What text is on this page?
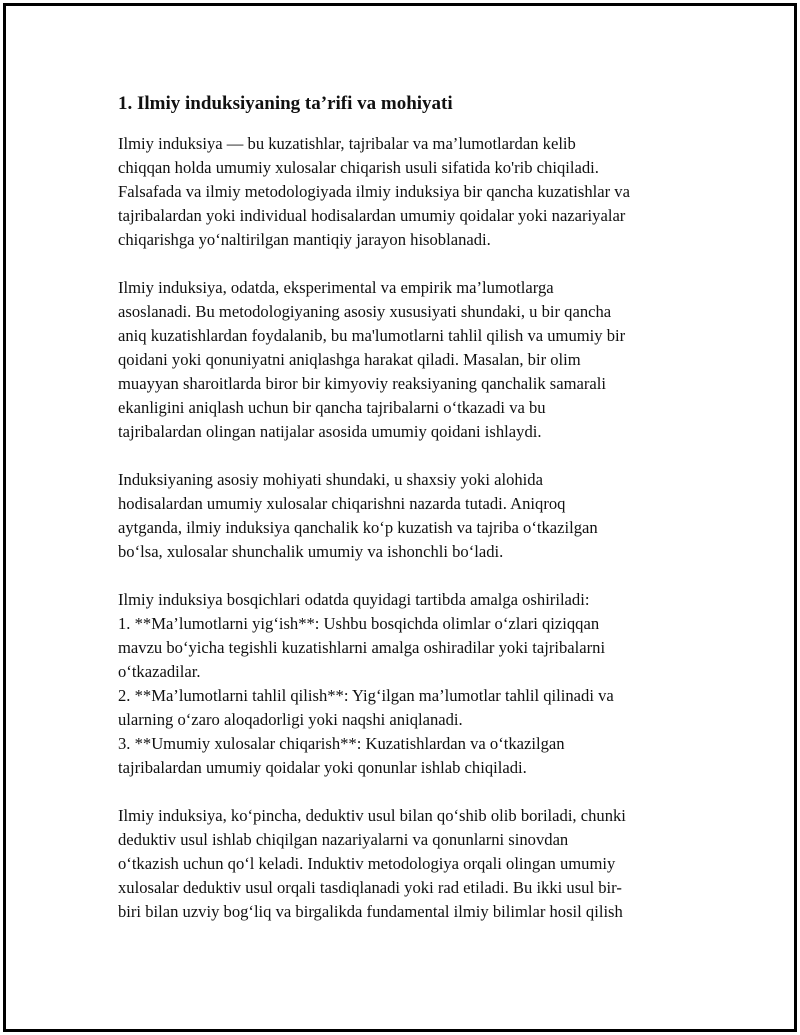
1. Ilmiy induksiyaning ta’rifi va mohiyati
Ilmiy induksiya — bu kuzatishlar, tajribalar va ma’lumotlardan kelib
chiqqan holda umumiy xulosalar chiqarish usuli sifatida ko'rib chiqiladi.
Falsafada va ilmiy metodologiyada ilmiy induksiya bir qancha kuzatishlar va
tajribalardan yoki individual hodisalardan umumiy qoidalar yoki nazariyalar
chiqarishga yoʻnaltirilgan mantiqiy jarayon hisoblanadi.
Ilmiy induksiya, odatda, eksperimental va empirik ma’lumotlarga
asoslanadi. Bu metodologiyaning asosiy xususiyati shundaki, u bir qancha
aniq kuzatishlardan foydalanib, bu ma'lumotlarni tahlil qilish va umumiy bir
qoidani yoki qonuniyatni aniqlashga harakat qiladi. Masalan, bir olim
muayyan sharoitlarda biror bir kimyoviy reaksiyaning qanchalik samarali
ekanligini aniqlash uchun bir qancha tajribalarni oʻtkazadi va bu
tajribalardan olingan natijalar asosida umumiy qoidani ishlaydi.
Induksiyaning asosiy mohiyati shundaki, u shaxsiy yoki alohida
hodisalardan umumiy xulosalar chiqarishni nazarda tutadi. Aniqroq
aytganda, ilmiy induksiya qanchalik koʻp kuzatish va tajriba oʻtkazilgan
boʻlsa, xulosalar shunchalik umumiy va ishonchli boʻladi.
Ilmiy induksiya bosqichlari odatda quyidagi tartibda amalga oshiriladi:
1. **Ma’lumotlarni yigʻish**: Ushbu bosqichda olimlar oʻzlari qiziqqan
mavzu boʻyicha tegishli kuzatishlarni amalga oshiradilar yoki tajribalarni
oʻtkazadilar.
2. **Ma’lumotlarni tahlil qilish**: Yigʻilgan ma’lumotlar tahlil qilinadi va
ularning oʻzaro aloqadorligi yoki naqshi aniqlanadi.
3. **Umumiy xulosalar chiqarish**: Kuzatishlardan va oʻtkazilgan
tajribalardan umumiy qoidalar yoki qonunlar ishlab chiqiladi.
Ilmiy induksiya, koʻpincha, deduktiv usul bilan qoʻshib olib boriladi, chunki
deduktiv usul ishlab chiqilgan nazariyalarni va qonunlarni sinovdan
oʻtkazish uchun qoʻl keladi. Induktiv metodologiya orqali olingan umumiy
xulosalar deduktiv usul orqali tasdiqlanadi yoki rad etiladi. Bu ikki usul bir-
biri bilan uzviy bogʻliq va birgalikda fundamental ilmiy bilimlar hosil qilish
